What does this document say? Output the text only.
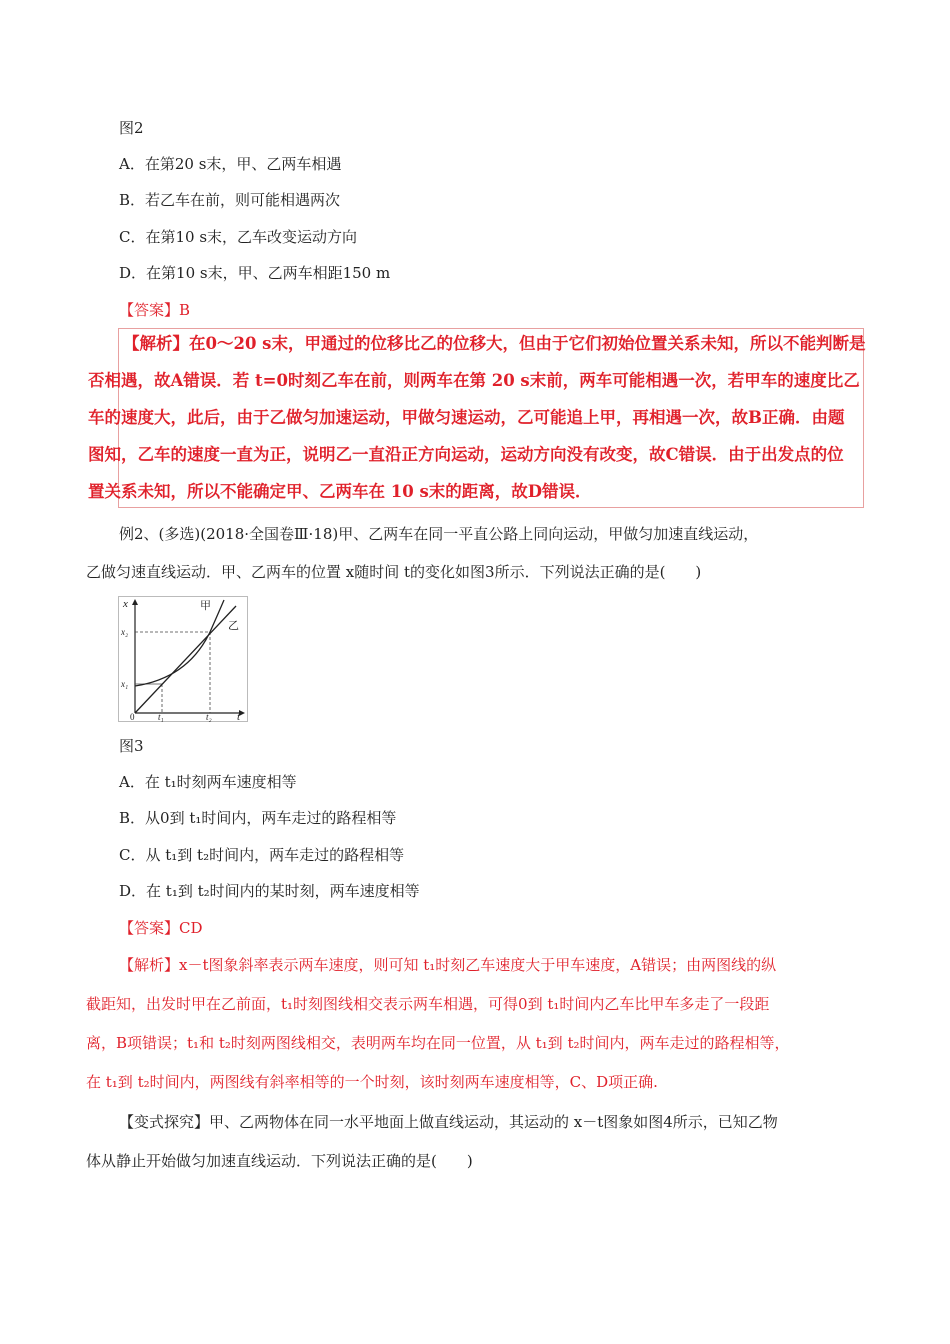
图2
A．在第20 s末，甲、乙两车相遇
B．若乙车在前，则可能相遇两次
C．在第10 s末，乙车改变运动方向
D．在第10 s末，甲、乙两车相距150 m
【答案】B
【解析】在0～20 s末，甲通过的位移比乙的位移大，但由于它们初始位置关系未知，所以不能判断是
否相遇，故A错误．若 t=0时刻乙车在前，则两车在第 20 s末前，两车可能相遇一次，若甲车的速度比乙
车的速度大，此后，由于乙做匀加速运动，甲做匀速运动，乙可能追上甲，再相遇一次，故B正确．由题
图知，乙车的速度一直为正，说明乙一直沿正方向运动，运动方向没有改变，故C错误．由于出发点的位
置关系未知，所以不能确定甲、乙两车在 10 s末的距离，故D错误．
例2、(多选)(2018·全国卷Ⅲ·18)甲、乙两车在同一平直公路上同向运动，甲做匀加速直线运动，
乙做匀速直线运动．甲、乙两车的位置 x随时间 t的变化如图3所示．下列说法正确的是(　　)
x
t
甲
乙
x₂
x₁
0	t₁	t₂
图3
A．在 t₁时刻两车速度相等
B．从0到 t₁时间内，两车走过的路程相等
C．从 t₁到 t₂时间内，两车走过的路程相等
D．在 t₁到 t₂时间内的某时刻，两车速度相等
【答案】CD
【解析】x－t图象斜率表示两车速度，则可知 t₁时刻乙车速度大于甲车速度，A错误；由两图线的纵
截距知，出发时甲在乙前面，t₁时刻图线相交表示两车相遇，可得0到 t₁时间内乙车比甲车多走了一段距
离，B项错误；t₁和 t₂时刻两图线相交，表明两车均在同一位置，从 t₁到 t₂时间内，两车走过的路程相等，
在 t₁到 t₂时间内，两图线有斜率相等的一个时刻，该时刻两车速度相等，C、D项正确.
【变式探究】甲、乙两物体在同一水平地面上做直线运动，其运动的 x－t图象如图4所示，已知乙物
体从静止开始做匀加速直线运动．下列说法正确的是(　　)
